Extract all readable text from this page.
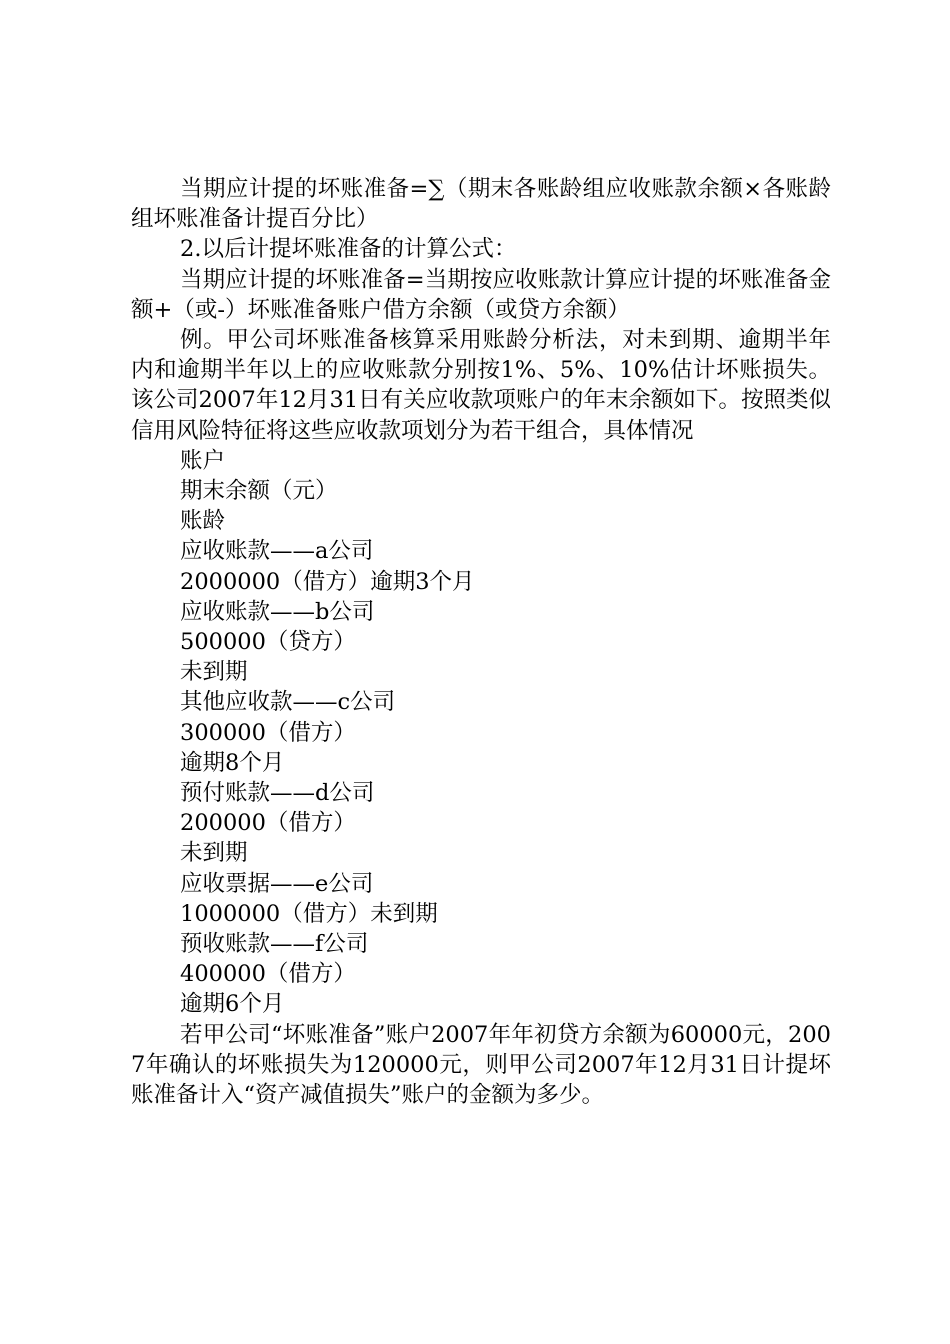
当期应计提的坏账准备=∑（期末各账龄组应收账款余额×各账龄组坏账准备计提百分比）

2.以后计提坏账准备的计算公式：

当期应计提的坏账准备=当期按应收账款计算应计提的坏账准备金额+（或-）坏账准备账户借方余额（或贷方余额）

例。甲公司坏账准备核算采用账龄分析法，对未到期、逾期半年内和逾期半年以上的应收账款分别按1%、5%、10%估计坏账损失。该公司2007年12月31日有关应收款项账户的年末余额如下。按照类似信用风险特征将这些应收款项划分为若干组合，具体情况

账户

期末余额（元）

账龄

应收账款——a公司

2000000（借方）逾期3个月

应收账款——b公司

500000（贷方）

未到期

其他应收款——c公司

300000（借方）

逾期8个月

预付账款——d公司

200000（借方）

未到期

应收票据——e公司

1000000（借方）未到期

预收账款——f公司

400000（借方）

逾期6个月

若甲公司“坏账准备”账户2007年年初贷方余额为60000元，2007年确认的坏账损失为120000元，则甲公司2007年12月31日计提坏账准备计入“资产减值损失”账户的金额为多少。
